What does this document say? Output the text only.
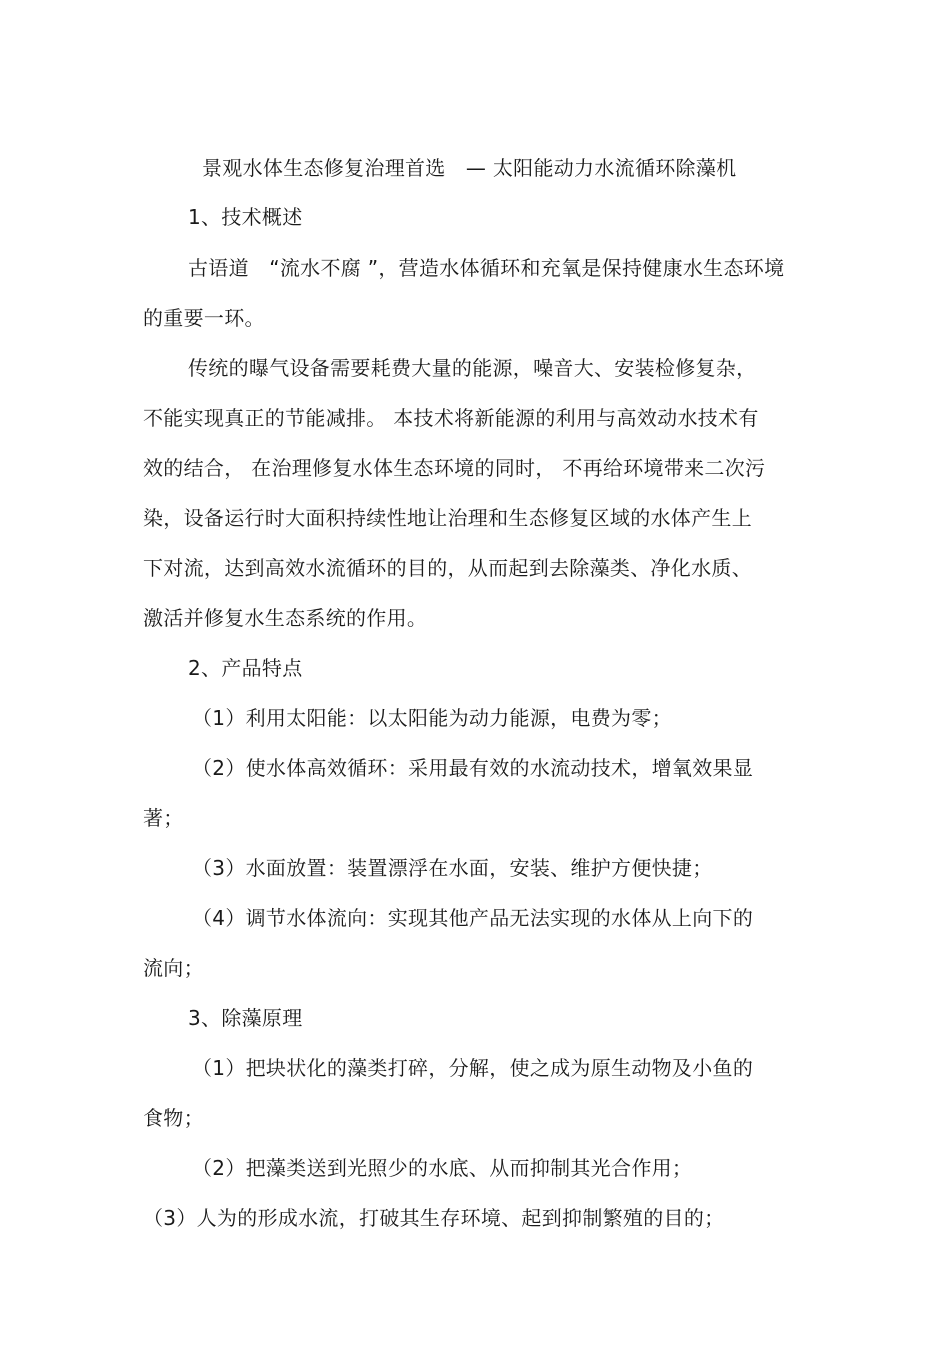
景观水体生态修复治理首选　— 太阳能动力水流循环除藻机
1、技术概述
古语道　“流水不腐 ”，营造水体循环和充氧是保持健康水生态环境
的重要一环。
传统的曝气设备需要耗费大量的能源，噪音大、安装检修复杂，
不能实现真正的节能减排。 本技术将新能源的利用与高效动水技术有
效的结合， 在治理修复水体生态环境的同时， 不再给环境带来二次污
染，设备运行时大面积持续性地让治理和生态修复区域的水体产生上
下对流，达到高效水流循环的目的，从而起到去除藻类、净化水质、
激活并修复水生态系统的作用。
2、产品特点
（1）利用太阳能：以太阳能为动力能源，电费为零；
（2）使水体高效循环：采用最有效的水流动技术，增氧效果显
著；
（3）水面放置：装置漂浮在水面，安装、维护方便快捷；
（4）调节水体流向：实现其他产品无法实现的水体从上向下的
流向；
3、除藻原理
（1）把块状化的藻类打碎，分解，使之成为原生动物及小鱼的
食物；
（2）把藻类送到光照少的水底、从而抑制其光合作用；
（3）人为的形成水流，打破其生存环境、起到抑制繁殖的目的；
